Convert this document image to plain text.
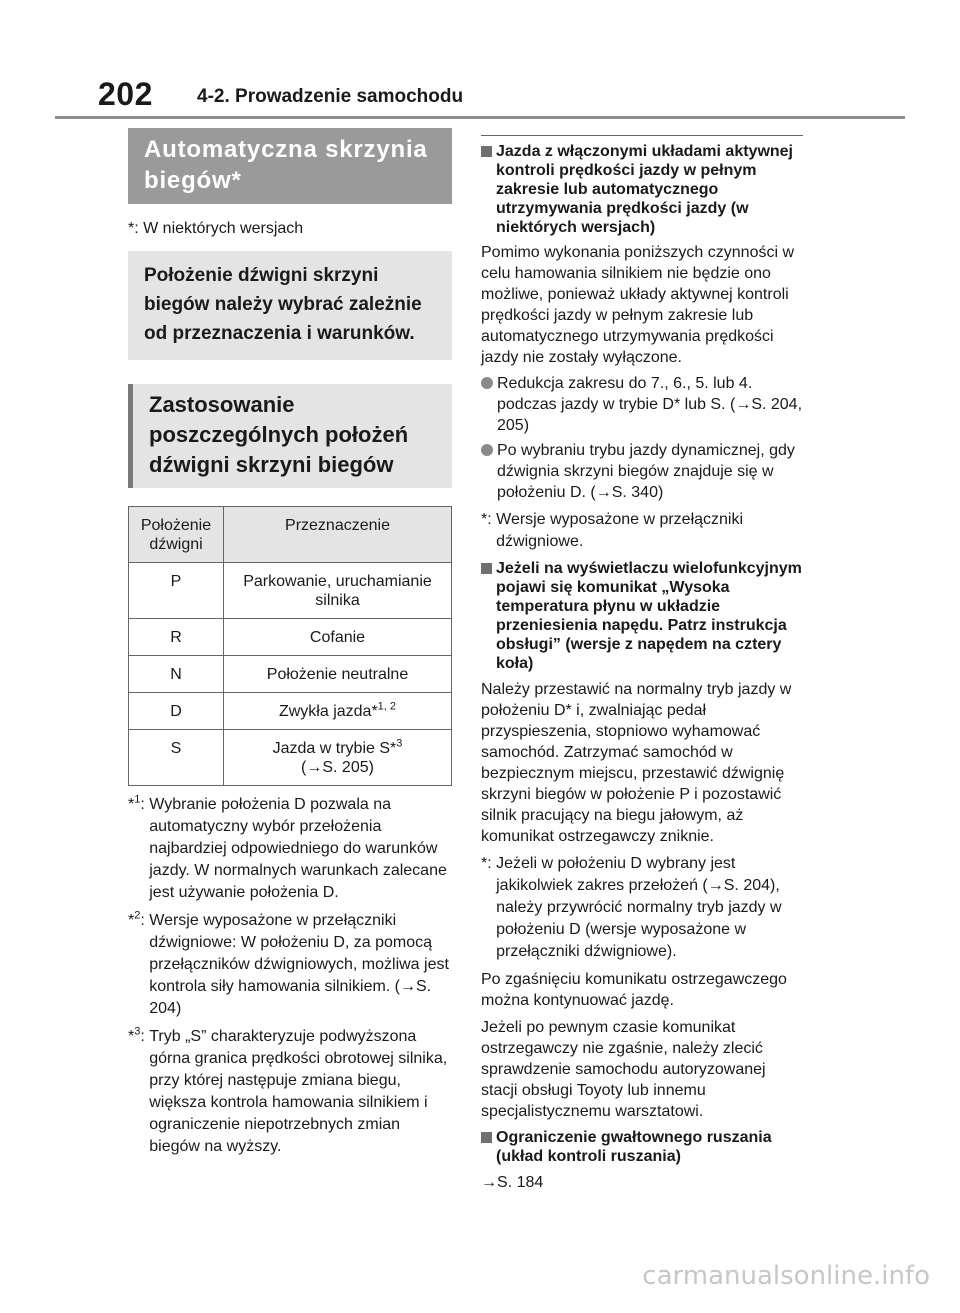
202 4-2. Prowadzenie samochodu
Automatyczna skrzynia biegów*
*: W niektórych wersjach
Położenie dźwigni skrzyni biegów należy wybrać zależnie od przeznaczenia i warunków.
Zastosowanie poszczególnych położeń dźwigni skrzyni biegów
Położenie dźwigni	Przeznaczenie
P	Parkowanie, uruchamianie silnika
R	Cofanie
N	Położenie neutralne
D	Zwykła jazda*$^{1, 2}$
S	Jazda w trybie S*$^3$
(→S. 205)
*$^1$: Wybranie położenia D pozwala na automatyczny wybór przełożenia najbardziej odpowiedniego do warunków jazdy. W normalnych warunkach zalecane jest używanie położenia D.
*$^2$: Wersje wyposażone w przełączniki dźwigniowe: W położeniu D, za pomocą przełączników dźwigniowych, możliwa jest kontrola siły hamowania silnikiem. (→S. 204)
*$^3$: Tryb „S” charakteryzuje podwyższona górna granica prędkości obrotowej silnika, przy której następuje zmiana biegu, większa kontrola hamowania silnikiem i ograniczenie niepotrzebnych zmian biegów na wyższy.
Jazda z włączonymi układami aktywnej kontroli prędkości jazdy w pełnym zakresie lub automatycznego utrzymywania prędkości jazdy (w niektórych wersjach)
Pomimo wykonania poniższych czynności w celu hamowania silnikiem nie będzie ono możliwe, ponieważ układy aktywnej kontroli prędkości jazdy w pełnym zakresie lub automatycznego utrzymywania prędkości jazdy nie zostały wyłączone.
Redukcja zakresu do 7., 6., 5. lub 4. podczas jazdy w trybie D* lub S. (→S. 204, 205)
Po wybraniu trybu jazdy dynamicznej, gdy dźwignia skrzyni biegów znajduje się w położeniu D. (→S. 340)
*:
Wersje wyposażone w przełączniki dźwigniowe.
Jeżeli na wyświetlaczu wielofunkcyjnym pojawi się komunikat „Wysoka temperatura płynu w układzie przeniesienia napędu. Patrz instrukcja obsługi” (wersje z napędem na cztery koła)
Należy przestawić na normalny tryb jazdy w położeniu D* i, zwalniając pedał przyspieszenia, stopniowo wyhamować samochód. Zatrzymać samochód w bezpiecznym miejscu, przestawić dźwignię skrzyni biegów w położenie P i pozostawić silnik pracujący na biegu jałowym, aż komunikat ostrzegawczy zniknie.
*:
Jeżeli w położeniu D wybrany jest jakikolwiek zakres przełożeń (→S. 204), należy przywrócić normalny tryb jazdy w położeniu D (wersje wyposażone w przełączniki dźwigniowe).
Po zgaśnięciu komunikatu ostrzegawczego można kontynuować jazdę.
Jeżeli po pewnym czasie komunikat ostrzegawczy nie zgaśnie, należy zlecić sprawdzenie samochodu autoryzowanej stacji obsługi Toyoty lub innemu specjalistycznemu warsztatowi.
Ograniczenie gwałtownego ruszania (układ kontroli ruszania)
→S. 184
carmanualsonline.info
